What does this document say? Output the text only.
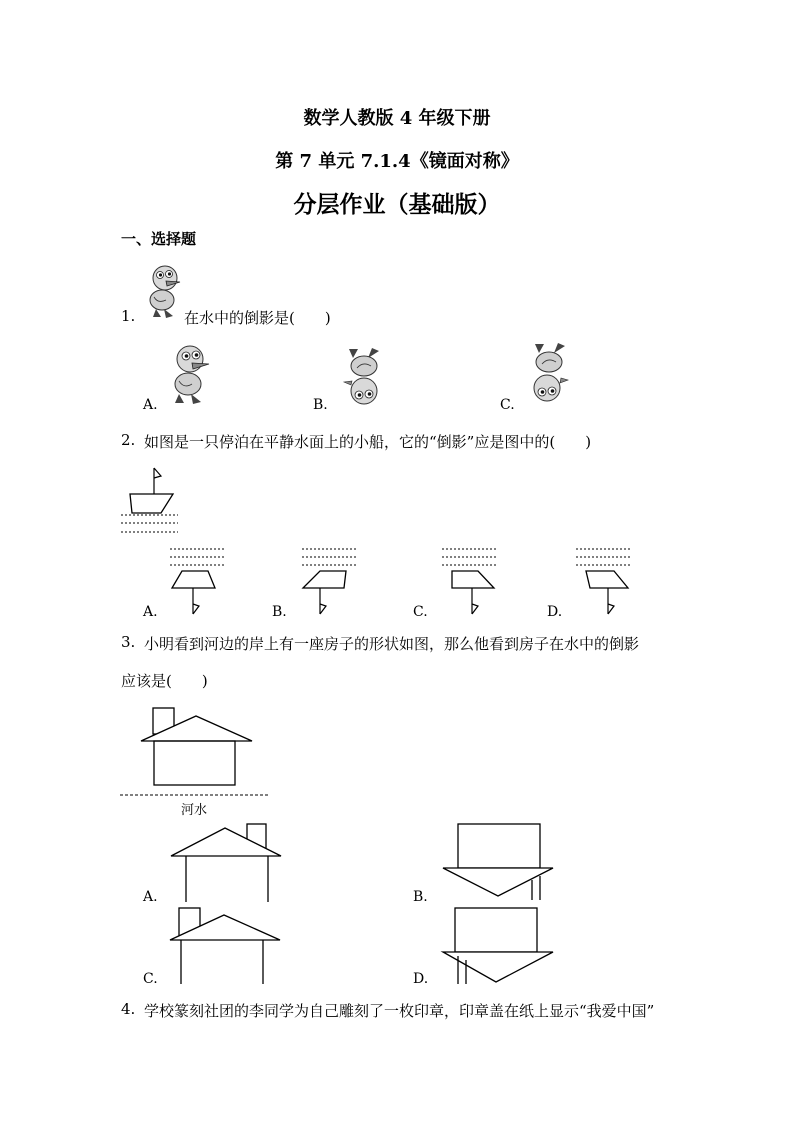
数学人教版 4 年级下册
第 7 单元 7.1.4《镜面对称》
分层作业（基础版）
一、选择题
1.	在水中的倒影是(　　)
A.	B.	C.
2. 如图是一只停泊在平静水面上的小船，它的“倒影”应是图中的(　　)
A.	B.	C.	D.
3. 小明看到河边的岸上有一座房子的形状如图，那么他看到房子在水中的倒影
应该是(　　)
河水
A.	B.
C.	D.
4. 学校篆刻社团的李同学为自己雕刻了一枚印章，印章盖在纸上显示“我爱中国”
